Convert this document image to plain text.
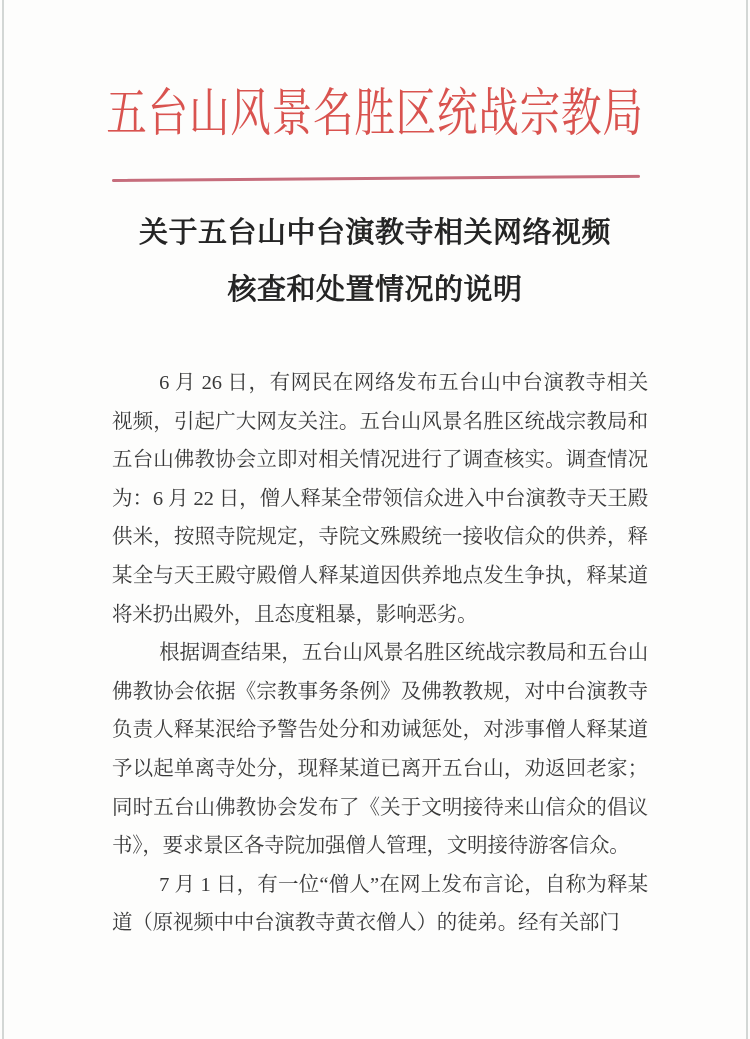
五台山风景名胜区统战宗教局
关于五台山中台演教寺相关网络视频
核查和处置情况的说明

6 月 26 日，有网民在网络发布五台山中台演教寺相关视频，引起广大网友关注。五台山风景名胜区统战宗教局和五台山佛教协会立即对相关情况进行了调查核实。调查情况为：6 月 22 日，僧人释某全带领信众进入中台演教寺天王殿供米，按照寺院规定，寺院文殊殿统一接收信众的供养，释某全与天王殿守殿僧人释某道因供养地点发生争执，释某道将米扔出殿外，且态度粗暴，影响恶劣。

根据调查结果，五台山风景名胜区统战宗教局和五台山佛教协会依据《宗教事务条例》及佛教教规，对中台演教寺负责人释某泯给予警告处分和劝诫惩处，对涉事僧人释某道予以起单离寺处分，现释某道已离开五台山，劝返回老家；同时五台山佛教协会发布了《关于文明接待来山信众的倡议书》，要求景区各寺院加强僧人管理，文明接待游客信众。

7 月 1 日，有一位“僧人”在网上发布言论，自称为释某道（原视频中中台演教寺黄衣僧人）的徒弟。经有关部门
